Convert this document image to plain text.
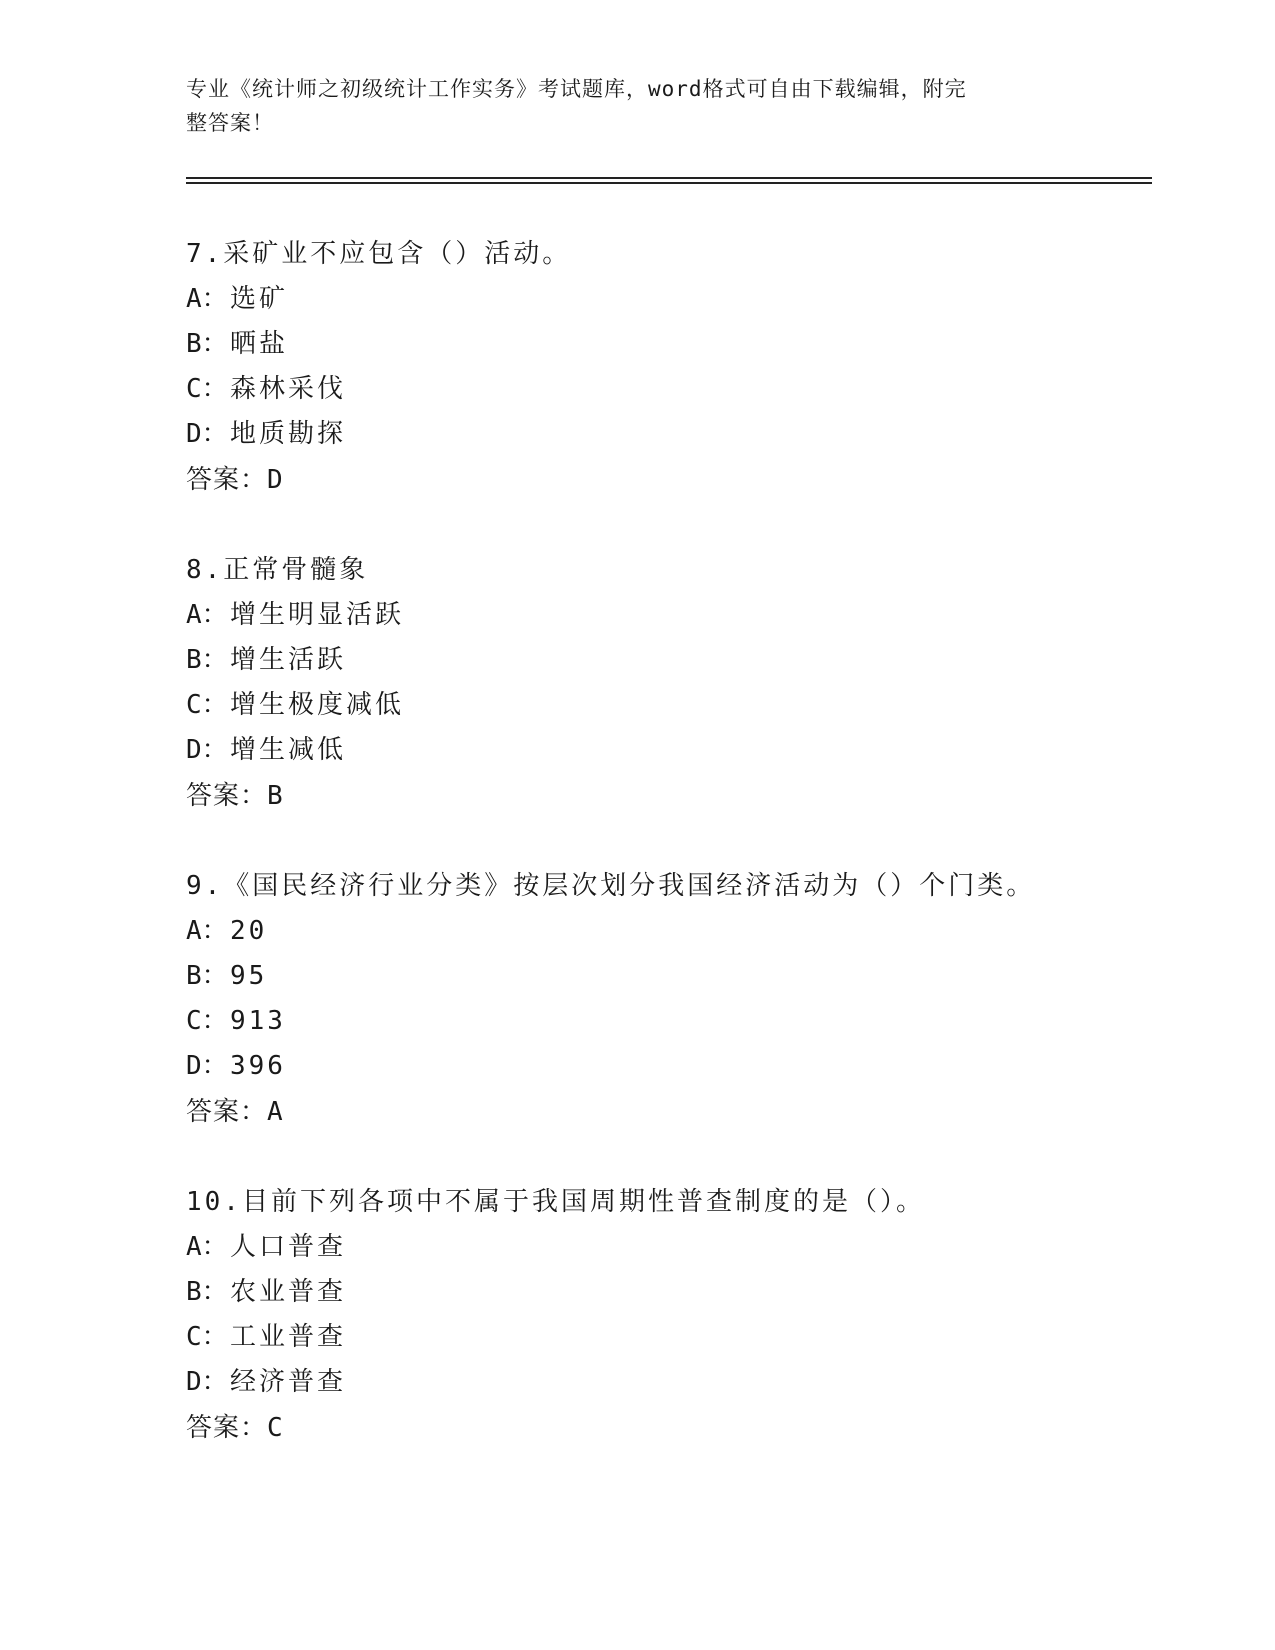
专业《统计师之初级统计工作实务》考试题库，word格式可自由下载编辑，附完
整答案！
7.采矿业不应包含（）活动。
A：选矿
B：晒盐
C：森林采伐
D：地质勘探
答案：D
8.正常骨髓象
A：增生明显活跃
B：增生活跃
C：增生极度减低
D：增生减低
答案：B
9.《国民经济行业分类》按层次划分我国经济活动为（）个门类。
A：20
B：95
C：913
D：396
答案：A
10.目前下列各项中不属于我国周期性普查制度的是（）。
A：人口普查
B：农业普查
C：工业普查
D：经济普查
答案：C
